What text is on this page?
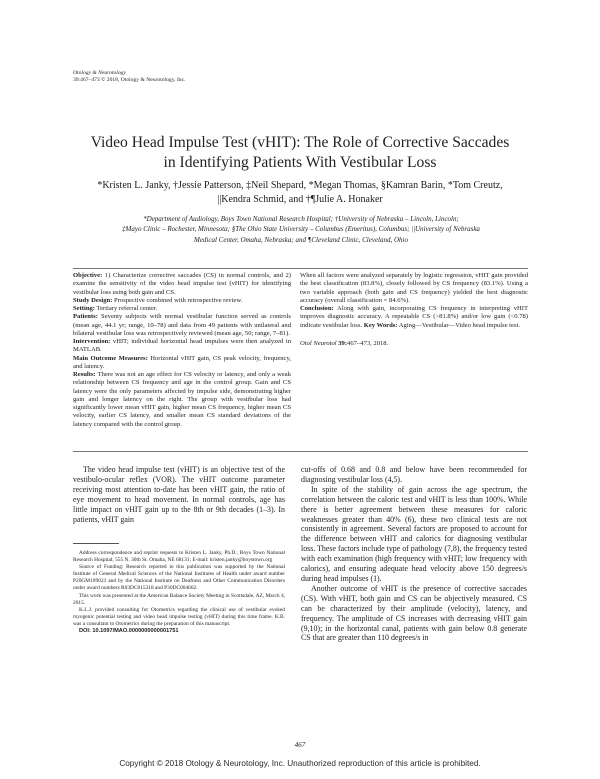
Otology & Neurotology
39:467–473 © 2018, Otology & Neurotology, Inc.
Video Head Impulse Test (vHIT): The Role of Corrective Saccades
in Identifying Patients With Vestibular Loss
*Kristen L. Janky, †Jessie Patterson, ‡Neil Shepard, *Megan Thomas, §Kamran Barin, *Tom Creutz,
||Kendra Schmid, and †¶Julie A. Honaker
*Department of Audiology, Boys Town National Research Hospital; †University of Nebraska – Lincoln, Lincoln;
‡Mayo Clinic – Rochester, Minnesota; §The Ohio State University – Columbus (Emeritus), Columbus; ||University of Nebraska
Medical Center, Omaha, Nebraska; and ¶Cleveland Clinic, Cleveland, Ohio

Objective: 1) Characterize corrective saccades (CS) in normal controls, and 2) examine the sensitivity of the video head impulse test (vHIT) for identifying vestibular loss using both gain and CS.

Study Design: Prospective combined with retrospective review.

Setting: Tertiary referral center.

Patients: Seventy subjects with normal vestibular function served as controls (mean age, 44.1 yr; range, 10–78) and data from 49 patients with unilateral and bilateral vestibular loss was retrospectively reviewed (mean age, 50; range, 7–81).

Intervention: vHIT; individual horizontal head impulses were then analyzed in MATLAB.

Main Outcome Measures: Horizontal vHIT gain, CS peak velocity, frequency, and latency.

Results: There was not an age effect for CS velocity or latency, and only a weak relationship between CS frequency and age in the control group. Gain and CS latency were the only parameters affected by impulse side, demonstrating higher gain and longer latency on the right. The group with vestibular loss had significantly lower mean vHIT gain, higher mean CS frequency, higher mean CS velocity, earlier CS latency, and smaller mean CS standard deviations of the latency compared with the control group.

When all factors were analyzed separately by logistic regression, vHIT gain provided the best classification (83.8%), closely followed by CS frequency (83.1%). Using a two variable approach (both gain and CS frequency) yielded the best diagnostic accuracy (overall classification = 84.6%).

Conclusion: Along with gain, incorporating CS frequency in interpreting vHIT improves diagnostic accuracy. A repeatable CS (>81.8%) and/or low gain (<0.78) indicate vestibular loss. Key Words: Aging—Vestibular—Video head impulse test.

Otol Neurotol 39:467–473, 2018.

The video head impulse test (vHIT) is an objective test of the vestibulo-ocular reflex (VOR). The vHIT outcome parameter receiving most attention to-date has been vHIT gain, the ratio of eye movement to head movement. In normal controls, age has little impact on vHIT gain up to the 8th or 9th decades (1–3). In patients, vHIT gain

Address correspondence and reprint requests to Kristen L. Janky, Ph.D., Boys Town National Research Hospital, 555 N. 30th St. Omaha, NE 68131; E-mail: kristen.janky@boystown.org

Source of Funding: Research reported in this publication was supported by the National Institute of General Medical Sciences of the National Institutes of Health under award number P20GM109023 and by the National Institute on Deafness and Other Communication Disorders under award numbers R03DC015318 and P30DC004662.

This work was presented at the American Balance Society Meeting in Scottsdale, AZ, March 4, 2015.

K.L.J. provided consulting for Otometrics regarding the clinical use of vestibular evoked myogenic potential testing and video head impulse testing (vHIT) during this time frame. K.B. was a consultant to Otometrics during the preparation of this manuscript.

DOI: 10.1097/MAO.0000000000001751

cut-offs of 0.68 and 0.8 and below have been recommended for diagnosing vestibular loss (4,5).

In spite of the stability of gain across the age spectrum, the correlation between the caloric test and vHIT is less than 100%. While there is better agreement between these measures for caloric weaknesses greater than 40% (6), these two clinical tests are not consistently in agreement. Several factors are proposed to account for the difference between vHIT and calorics for diagnosing vestibular loss. These factors include type of pathology (7,8), the frequency tested with each examination (high frequency with vHIT; low frequency with calorics), and ensuring adequate head velocity above 150 degrees/s during head impulses (1).

Another outcome of vHIT is the presence of corrective saccades (CS). With vHIT, both gain and CS can be objectively measured. CS can be characterized by their amplitude (velocity), latency, and frequency. The amplitude of CS increases with decreasing vHIT gain (9,10); in the horizontal canal, patients with gain below 0.8 generate CS that are greater than 110 degrees/s in

467
Copyright © 2018 Otology & Neurotology, Inc. Unauthorized reproduction of this article is prohibited.
